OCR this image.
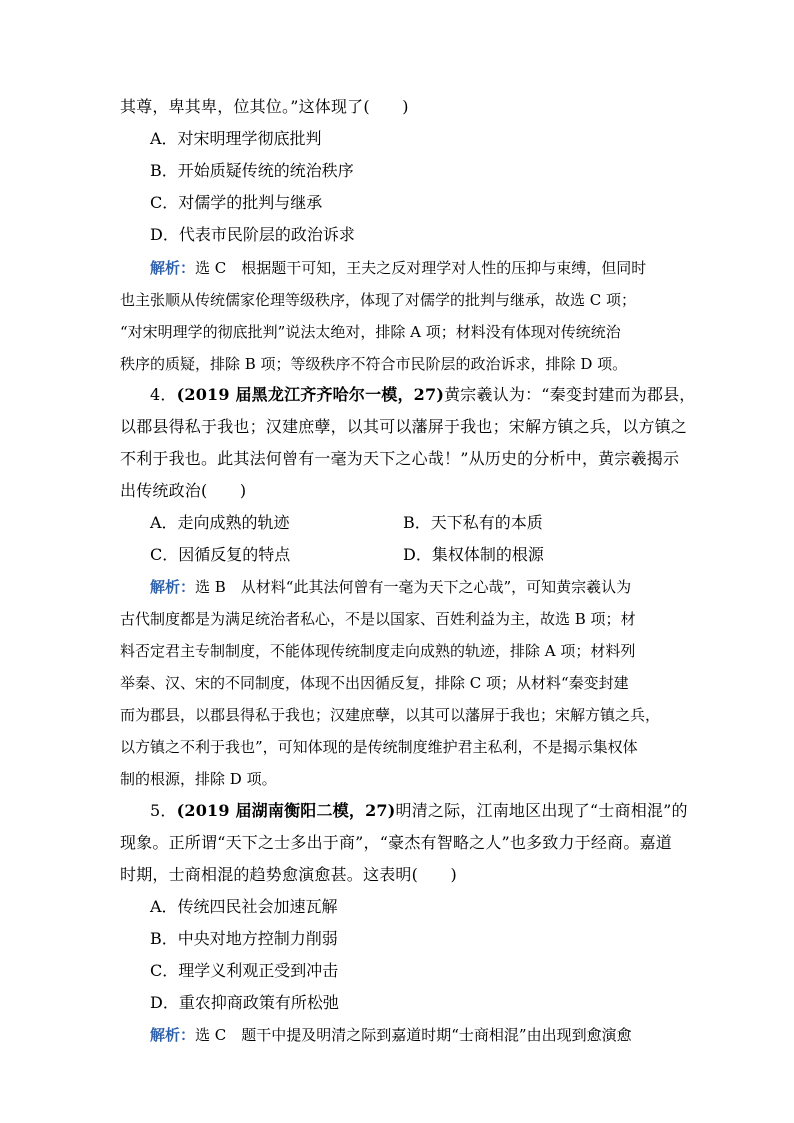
其尊，卑其卑，位其位。”这体现了(　　)
A．对宋明理学彻底批判
B．开始质疑传统的统治秩序
C．对儒学的批判与继承
D．代表市民阶层的政治诉求
解析：选 C　根据题干可知，王夫之反对理学对人性的压抑与束缚，但同时
也主张顺从传统儒家伦理等级秩序，体现了对儒学的批判与继承，故选 C 项；
“对宋明理学的彻底批判”说法太绝对，排除 A 项；材料没有体现对传统统治
秩序的质疑，排除 B 项；等级秩序不符合市民阶层的政治诉求，排除 D 项。
4．(2019 届黑龙江齐齐哈尔一模，27)黄宗羲认为：“秦变封建而为郡县，
以郡县得私于我也；汉建庶孽，以其可以藩屏于我也；宋解方镇之兵，以方镇之
不利于我也。此其法何曾有一毫为天下之心哉！”从历史的分析中，黄宗羲揭示
出传统政治(　　)
A．走向成熟的轨迹	B．天下私有的本质
C．因循反复的特点	D．集权体制的根源
解析：选 B　从材料“此其法何曾有一毫为天下之心哉”，可知黄宗羲认为
古代制度都是为满足统治者私心，不是以国家、百姓利益为主，故选 B 项；材
料否定君主专制制度，不能体现传统制度走向成熟的轨迹，排除 A 项；材料列
举秦、汉、宋的不同制度，体现不出因循反复，排除 C 项；从材料“秦变封建
而为郡县，以郡县得私于我也；汉建庶孽，以其可以藩屏于我也；宋解方镇之兵，
以方镇之不利于我也”，可知体现的是传统制度维护君主私利，不是揭示集权体
制的根源，排除 D 项。
5．(2019 届湖南衡阳二模，27)明清之际，江南地区出现了“士商相混”的
现象。正所谓“天下之士多出于商”，“豪杰有智略之人”也多致力于经商。嘉道
时期，士商相混的趋势愈演愈甚。这表明(　　)
A．传统四民社会加速瓦解
B．中央对地方控制力削弱
C．理学义利观正受到冲击
D．重农抑商政策有所松弛
解析：选 C　题干中提及明清之际到嘉道时期“士商相混”由出现到愈演愈
